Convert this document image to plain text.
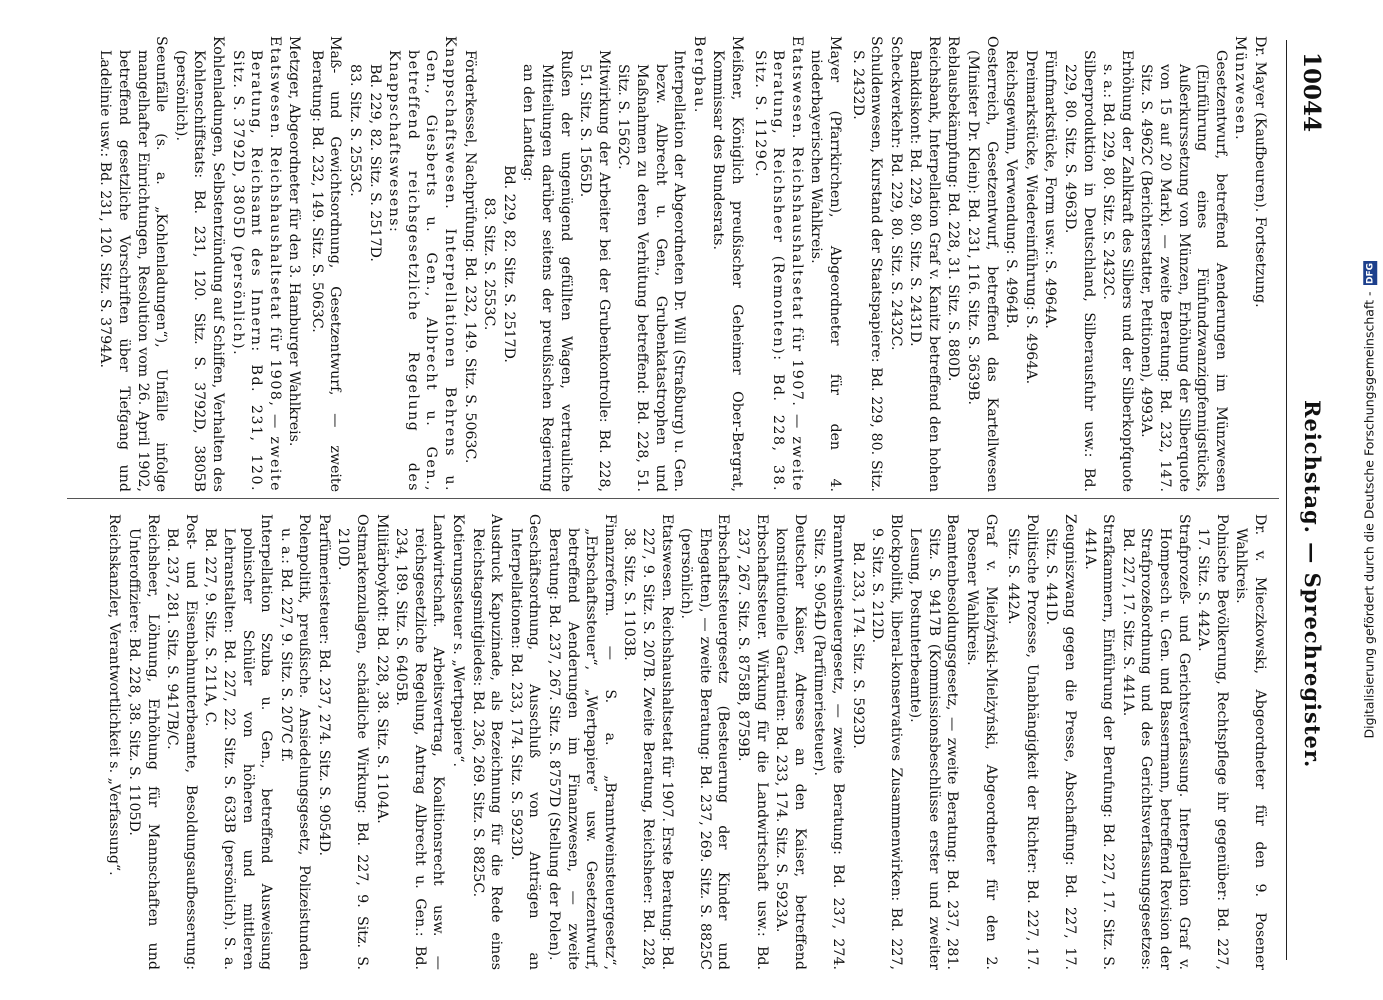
10044
Reichstag. — Sprechregister.

Dr. Mayer (Kaufbeuren). Fortsetzung.

Münzwesen.

Gesetzentwurf, betreffend Aenderungen im Münzwesen (Einführung eines Fünfundzwanzigpfennigstücks, Außerkurssetzung von Münzen, Erhöhung der Silberquote von 15 auf 20 Mark). — zweite Beratung: Bd. 232, 147. Sitz. S. 4962C (Berichterstatter, Petitionen), 4993A.

Erhöhung der Zahlkraft des Silbers und der Silberkopfquote s. a.: Bd. 229, 80. Sitz. S. 2432C.

Silberproduktion in Deutschland, Silberausfuhr usw.: Bd. 229, 80. Sitz. S. 4963D.

Fünfmarkstücke, Form usw.: S. 4964A.

Dreimarkstücke, Wiedereinführung: S. 4964A.

Reichsgewinn, Verwendung: S. 4964B.

Oesterreich, Gesetzentwurf, betreffend das Kartellwesen (Minister Dr. Klein): Bd. 231, 116. Sitz. S. 3639B.

Reblausbekämpfung: Bd. 228, 31. Sitz. S. 880D.

Reichsbank, Interpellation Graf v. Kanitz betreffend den hohen Bankdiskont: Bd. 229, 80. Sitz. S. 2431D.

Scheckverkehr: Bd. 229, 80. Sitz. S. 2432C.

Schuldenwesen, Kurstand der Staatspapiere: Bd. 229, 80. Sitz. S. 2432D.

Mayer (Pfarrkirchen), Abgeordneter für den 4. niederbayerischen Wahlkreis.

Etatswesen. Reichshaushaltsetat für 1907. — zweite Beratung, Reichsheer (Remonten): Bd. 228, 38. Sitz. S. 1129C.

Meißner, Königlich preußischer Geheimer Ober-Bergrat, Kommissar des Bundesrats.

Bergbau.

Interpellation der Abgeordneten Dr. Will (Straßburg) u. Gen. bezw. Albrecht u. Gen., Grubenkatastrophen und Maßnahmen zu deren Verhütung betreffend: Bd. 228, 51. Sitz. S. 1562C.

Mitwirkung der Arbeiter bei der Grubenkontrolle: Bd. 228, 51. Sitz. S. 1565D.

Rußen der ungenügend gefüllten Wagen, vertrauliche Mitteilungen darüber seitens der preußischen Regierung an den Landtag:

Bd. 229, 82. Sitz. S. 2517D.

83. Sitz. S. 2553C.

Förderkessel, Nachprüfung: Bd. 232, 149. Sitz. S. 5063C.

Knappschaftswesen. Interpellationen Behrens u. Gen., Giesberts u. Gen., Albrecht u. Gen., betreffend reichsgesetzliche Regelung des Knappschaftswesens:

Bd. 229, 82. Sitz. S. 2517D.

83. Sitz. S. 2553C.

Maß- und Gewichtsordnung, Gesetzentwurf, — zweite Beratung: Bd. 232, 149. Sitz. S. 5063C.

Metzger, Abgeordneter für den 3. Hamburger Wahlkreis.

Etatswesen. Reichshaushaltsetat für 1908, — zweite Beratung, Reichsamt des Innern: Bd. 231, 120. Sitz. S. 3792D, 3805D (persönlich).

Kohlenladungen, Selbstentzündung auf Schiffen, Verhalten des Kohlenschiffstats: Bd. 231, 120. Sitz. S. 3792D, 3805B (persönlich).

Seeunfälle (s. a. „Kohlenladungen“), Unfälle infolge mangelhafter Einrichtungen, Resolution vom 26. April 1902, betreffend gesetzliche Vorschriften über Tiefgang und Ladelinie usw.: Bd. 231, 120. Sitz. S. 3794A.

Dr. v. Mieczkowski, Abgeordneter für den 9. Posener Wahlkreis.

Polnische Bevölkerung, Rechtspflege ihr gegenüber: Bd. 227, 17. Sitz. S. 442A.

Strafprozeß- und Gerichtsverfassung. Interpellation Graf v. Hompesch u. Gen. und Bassermann, betreffend Revision der Strafprozeßordnung und des Gerichtsverfassungsgesetzes: Bd. 227, 17. Sitz. S. 441A.

Strafkammern, Einführung der Berufung: Bd. 227, 17. Sitz. S. 441A.

Zeugniszwang gegen die Presse, Abschaffung: Bd. 227, 17. Sitz. S. 441D.

Politische Prozesse, Unabhängigkeit der Richter: Bd. 227, 17. Sitz. S. 442A.

Graf v. Mielżyński-Mielżyński, Abgeordneter für den 2. Posener Wahlkreis.

Beamtenbesoldungsgesetz, — zweite Beratung: Bd. 237, 281. Sitz. S. 9417B (Kommissionsbeschlüsse erster und zweiter Lesung, Postunterbeamte).

Blockpolitik, liberal-konservatives Zusammenwirken: Bd. 227, 9. Sitz. S. 212D.

Bd. 233, 174. Sitz. S. 5923D.

Branntweinsteuergesetz, — zweite Beratung: Bd. 237, 274. Sitz. S. 9054D (Parfümeriesteuer).

Deutscher Kaiser, Adresse an den Kaiser, betreffend konstitutionelle Garantien: Bd. 233, 174. Sitz. S. 5923A.

Erbschaftssteuer. Wirkung für die Landwirtschaft usw.: Bd. 237, 267. Sitz. S. 8758B, 8759B.

Erbschaftssteuergesetz (Besteuerung der Kinder und Ehegatten), — zweite Beratung: Bd. 237, 269. Sitz. S. 8825C (persönlich).

Etatswesen. Reichshaushaltsetat für 1907. Erste Beratung: Bd. 227, 9. Sitz. S. 207B. Zweite Beratung, Reichsheer: Bd. 228, 38. Sitz. S. 1103B.

Finanzreform. — S. a. „Branntweinsteuergesetz“, „Erbschaftssteuer“, „Wertpapiere“ usw. Gesetzentwurf, betreffend Aenderungen im Finanzwesen, — zweite Beratung: Bd. 237, 267. Sitz. S. 8757D (Stellung der Polen).

Geschäftsordnung, Ausschluß von Anträgen an Interpellationen: Bd. 233, 174. Sitz. S. 5923D.

Ausdruck Kapuzinade, als Bezeichnung für die Rede eines Reichstagsmitgliedes: Bd. 236, 269. Sitz. S. 8825C.

Kotierungssteuer s. „Wertpapiere“.

Landwirtschaft. Arbeitsvertrag, Koalitionsrecht usw. — reichsgesetzliche Regelung, Antrag Albrecht u. Gen.: Bd. 234, 189. Sitz. S. 6405B.

Militärboykott: Bd. 228, 38. Sitz. S. 1104A.

Ostmarkenzulagen, schädliche Wirkung: Bd. 227, 9. Sitz. S. 210D.

Parfümeriesteuer: Bd. 237, 274. Sitz. S. 9054D.

Polenpolitik, preußische. Ansiedelungsgesetz, Polizeistunden u. a.: Bd. 227, 9. Sitz. S. 207C ff.

Interpellation Szuba u. Gen., betreffend Ausweisung polnischer Schüler von höheren und mittleren Lehranstalten: Bd. 227, 22. Sitz. S. 633B (persönlich). S. a. Bd. 227, 9. Sitz. S. 211A, C.

Post- und Eisenbahnunterbeamte, Besoldungsaufbesserung: Bd. 237, 281. Sitz. S. 9417B/C.

Reichsheer, Löhnung, Erhöhung für Mannschaften und Unteroffiziere: Bd. 228, 38. Sitz. S. 1105D.

Reichskanzler, Verantwortlichkeit s. „Verfassung“.	Digitalisierung gefördert durch die Deutsche Forschungsgemeinschaft -DFG
